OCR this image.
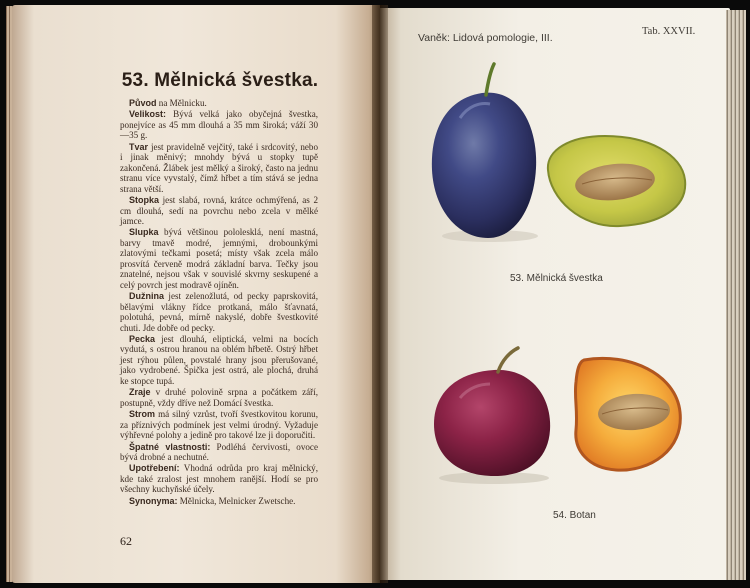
53. Mělnická švestka.
Původ na Mělnicku.
Velikost: Bývá velká jako obyčejná švestka, ponejvíce as 45 mm dlouhá a 35 mm široká; váží 30—35 g.
Tvar jest pravidelně vejčitý, také i srdcovitý, nebo i jinak měnivý; mnohdy bývá u stopky tupě zakončená. Žlábek jest mělký a široký, často na jednu stranu více vyvstalý, čímž hřbet a tím stává se jedna strana větší.
Stopka jest slabá, rovná, krátce ochmýřená, as 2 cm dlouhá, sedí na povrchu nebo zcela v mělké jamce.
Slupka bývá většinou pololesklá, není mastná, barvy tmavě modré, jemnými, drobounkými zlatovými tečkami posetá; místy však zcela málo prosvítá červeně modrá základní barva. Tečky jsou znatelné, nejsou však v souvislé skvrny seskupené a celý povrch jest modravě ojíněn.
Dužnina jest zelenožlutá, od pecky paprskovitá, bělavými vlákny řídce protkaná, málo šťavnatá, polotuhá, pevná, mírně nakyslé, dobře švestkovité chuti. Jde dobře od pecky.
Pecka jest dlouhá, eliptická, velmi na bocích vydutá, s ostrou hranou na oblém hřbetě. Ostrý hřbet jest rýhou půlen, povstalé hrany jsou přerušované, jako vydrobené. Špička jest ostrá, ale plochá, druhá ke stopce tupá.
Zraje v druhé polovině srpna a počátkem září, postupně, vždy dříve než Domácí švestka.
Strom má silný vzrůst, tvoří švestkovitou korunu, za příznivých podmínek jest velmi úrodný. Vyžaduje výhřevné polohy a jedině pro takové lze ji doporučiti.
Špatné vlastnosti: Podléhá červivosti, ovoce bývá drobné a nechutné.
Upotřebení: Vhodná odrůda pro kraj mělnický, kde také zralost jest mnohem ranější. Hodí se pro všechny kuchyňské účely.
Synonyma: Mělnicka, Melnicker Zwetsche.
62
Vaněk: Lidová pomologie, III.
Tab. XXVII.
53. Mělnická švestka
54. Botan
